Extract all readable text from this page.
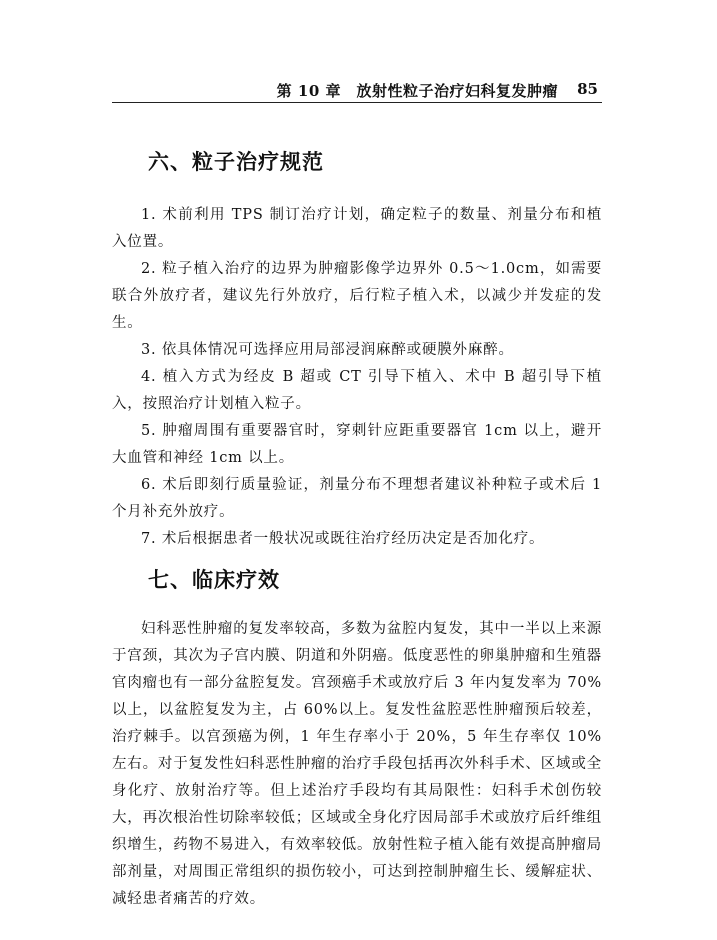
第 10 章　放射性粒子治疗妇科复发肿瘤 85
六、粒子治疗规范

1. 术前利用 TPS 制订治疗计划，确定粒子的数量、剂量分布和植入位置。

2. 粒子植入治疗的边界为肿瘤影像学边界外 0.5～1.0cm，如需要联合外放疗者，建议先行外放疗，后行粒子植入术，以减少并发症的发生。

3. 依具体情况可选择应用局部浸润麻醉或硬膜外麻醉。

4. 植入方式为经皮 B 超或 CT 引导下植入、术中 B 超引导下植入，按照治疗计划植入粒子。

5. 肿瘤周围有重要器官时，穿刺针应距重要器官 1cm 以上，避开大血管和神经 1cm 以上。

6. 术后即刻行质量验证，剂量分布不理想者建议补种粒子或术后 1 个月补充外放疗。

7. 术后根据患者一般状况或既往治疗经历决定是否加化疗。

七、临床疗效

妇科恶性肿瘤的复发率较高，多数为盆腔内复发，其中一半以上来源于宫颈，其次为子宫内膜、阴道和外阴癌。低度恶性的卵巢肿瘤和生殖器官肉瘤也有一部分盆腔复发。宫颈癌手术或放疗后 3 年内复发率为 70%以上，以盆腔复发为主，占 60%以上。复发性盆腔恶性肿瘤预后较差，治疗棘手。以宫颈癌为例，1 年生存率小于 20%，5 年生存率仅 10%左右。对于复发性妇科恶性肿瘤的治疗手段包括再次外科手术、区域或全身化疗、放射治疗等。但上述治疗手段均有其局限性：妇科手术创伤较大，再次根治性切除率较低；区域或全身化疗因局部手术或放疗后纤维组织增生，药物不易进入，有效率较低。放射性粒子植入能有效提高肿瘤局部剂量，对周围正常组织的损伤较小，可达到控制肿瘤生长、缓解症状、减轻患者痛苦的疗效。
